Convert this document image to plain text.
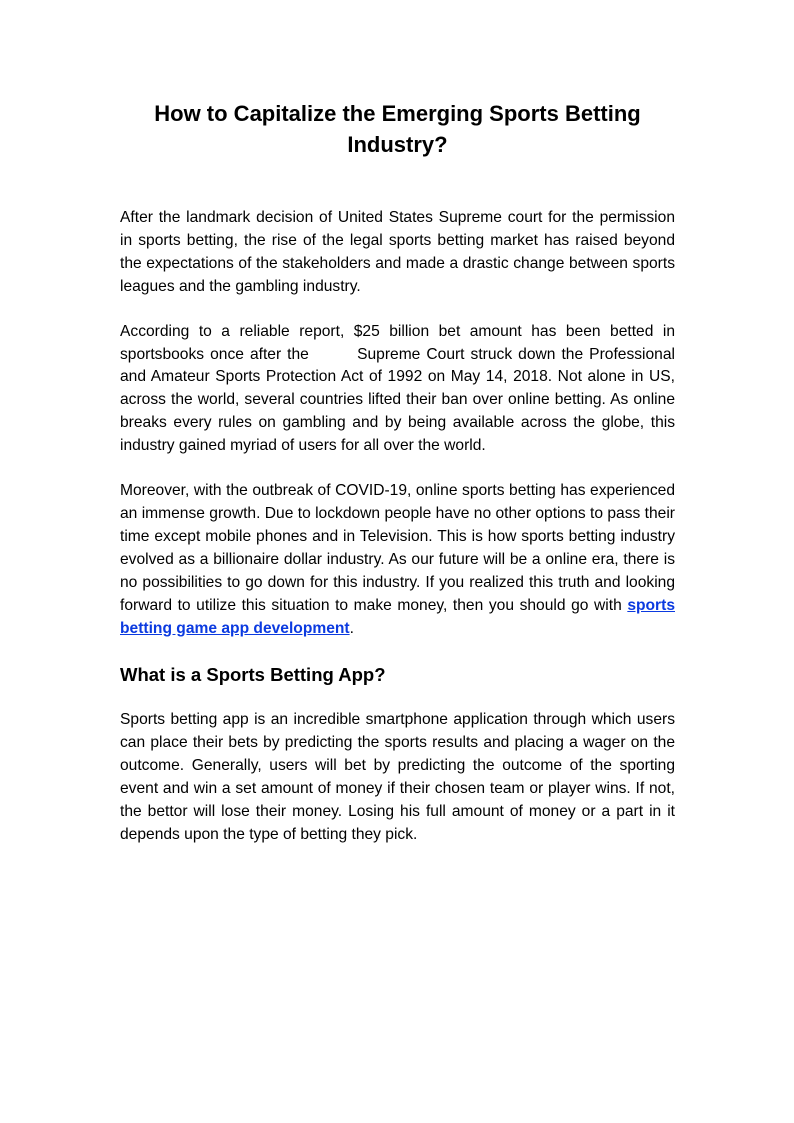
How to Capitalize the Emerging Sports Betting Industry?

After the landmark decision of United States Supreme court for the permission in sports betting, the rise of the legal sports betting market has raised beyond the expectations of the stakeholders and made a drastic change between sports leagues and the gambling industry.

According to a reliable report, $25 billion bet amount has been betted in sportsbooks once after the        Supreme Court struck down the Professional and Amateur Sports Protection Act of 1992 on May 14, 2018. Not alone in US, across the world, several countries lifted their ban over online betting. As online breaks every rules on gambling and by being available across the globe, this industry gained myriad of users for all over the world.

Moreover, with the outbreak of COVID-19, online sports betting has experienced an immense growth. Due to lockdown people have no other options to pass their time except mobile phones and in Television. This is how sports betting industry evolved as a billionaire dollar industry. As our future will be a online era, there is no possibilities to go down for this industry. If you realized this truth and looking forward to utilize this situation to make money, then you should go with sports betting game app development.

What is a Sports Betting App?

Sports betting app is an incredible smartphone application through which users can place their bets by predicting the sports results and placing a wager on the outcome. Generally, users will bet by predicting the outcome of the sporting event and win a set amount of money if their chosen team or player wins. If not, the bettor will lose their money. Losing his full amount of money or a part in it depends upon the type of betting they pick.
